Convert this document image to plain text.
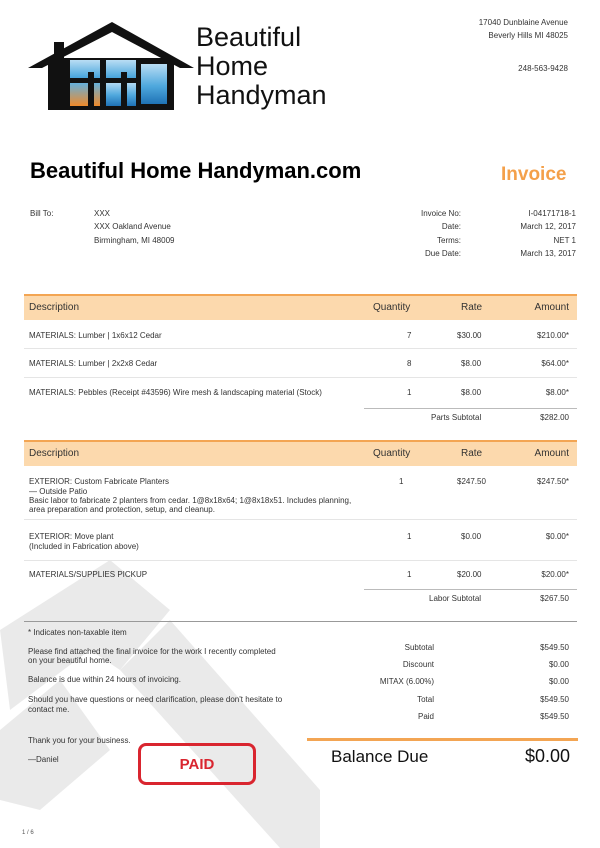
Beautiful
Home
Handyman
17040 Dunblaine Avenue
Beverly Hills MI 48025
248-563-9428
Beautiful Home Handyman.com	Invoice
Bill To:	XXX
XXX Oakland Avenue
Birmingham, MI 48009
Invoice No:	I-04171718-1
Date:	March 12, 2017
Terms:	NET 1
Due Date:	March 13, 2017
Description	Quantity	Rate	Amount
MATERIALS: Lumber | 1x6x12 Cedar	7	$30.00	$210.00*
MATERIALS: Lumber | 2x2x8 Cedar	8	$8.00	$64.00*
MATERIALS: Pebbles (Receipt #43596) Wire mesh & landscaping material (Stock)	1	$8.00	$8.00*
Parts Subtotal	$282.00
Description	Quantity	Rate	Amount
EXTERIOR: Custom Fabricate Planters
— Outside Patio
Basic labor to fabricate 2 planters from cedar. 1@8x18x64; 1@8x18x51. Includes planning,
area preparation and protection, setup, and cleanup.
1	$247.50	$247.50*
EXTERIOR: Move plant
(Included in Fabrication above)
1	$0.00	$0.00*
MATERIALS/SUPPLIES PICKUP	1	$20.00	$20.00*
Labor Subtotal	$267.50
* Indicates non-taxable item
Please find attached the final invoice for the work I recently completed
on your beautiful home.
Balance is due within 24 hours of invoicing.
Should you have questions or need clarification, please don't hesitate to
contact me.
Thank you for your business.
—Daniel
Subtotal	$549.50
Discount	$0.00
MITAX (6.00%)	$0.00
Total	$549.50
Paid	$549.50
PAID	Balance Due	$0.00
1 / 6
